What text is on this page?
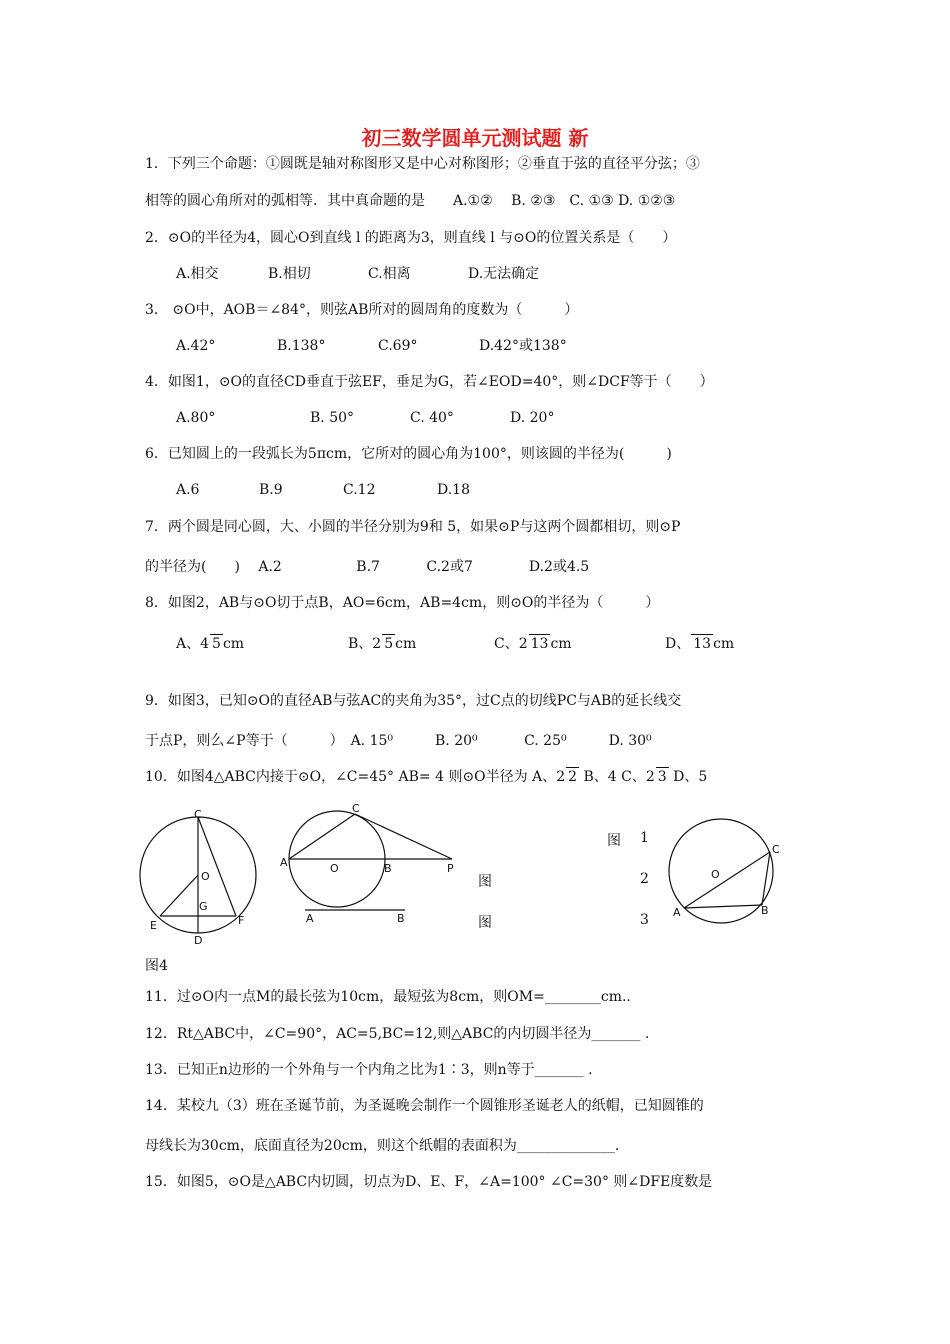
初三数学圆单元测试题 新
1．下列三个命题：①圆既是轴对称图形又是中心对称图形；②垂直于弦的直径平分弦；③
相等的圆心角所对的弧相等．其中真命题的是　　A.①②　 B. ②③　C. ①③ D. ①②③
2．⊙O的半径为4，圆心O到直线 l 的距离为3，则直线 l 与⊙O的位置关系是（　　）
A.相交	B.相切	C.相离	D.无法确定
3． ⊙O中，AOB＝∠84°，则弦AB所对的圆周角的度数为（　　　）
A.42°	B.138°	C.69°	D.42°或138°
4．如图1，⊙O的直径CD垂直于弦EF，垂足为G，若∠EOD=40°，则∠DCF等于（　　）
A.80°	B. 50°	C. 40°	D. 20°
6．已知圆上的一段弧长为5πcm，它所对的圆心角为100°，则该圆的半径为(　　　)
A.6	B.9	C.12	D.18
7．两个圆是同心圆，大、小圆的半径分别为9和 5，如果⊙P与这两个圆都相切，则⊙P
的半径为(　　)　 A.2　　　　　 B.7　　　 C.2或7　　　　D.2或4.5
8．如图2，AB与⊙O切于点B，AO=6cm，AB=4cm，则⊙O的半径为（　　　）
A、4 5 cm	B、2 5 cm	C、2 13 cm	D、 13 cm
9．如图3，已知⊙O的直径AB与弦AC的夹角为35°，过C点的切线PC与AB的延长线交
于点P，则么∠P等于（　　　）　A. 15⁰　　　B. 20⁰　　　 C. 25⁰　　　D. 30⁰
10．如图4△ABC内接于⊙O，∠C=45° AB= 4 则⊙O半径为 A、2 2 B、4 C、2 3 D、5
C
O
G
E	F
D
C
A	O	B	P
A	B
O
C
A	B
图 1
图	2
图	3
图4
11．过⊙O内一点M的最长弦为10cm，最短弦为8cm，则OM=________cm..
12．Rt△ABC中，∠C=90°，AC=5,BC=12,则△ABC的内切圆半径为_______ .
13．已知正n边形的一个外角与一个内角之比为1∶3，则n等于_______ .
14．某校九（3）班在圣诞节前，为圣诞晚会制作一个圆锥形圣诞老人的纸帽，已知圆锥的
母线长为30cm，底面直径为20cm，则这个纸帽的表面积为______________.
15．如图5，⊙O是△ABC内切圆，切点为D、E、F，∠A=100° ∠C=30° 则∠DFE度数是
